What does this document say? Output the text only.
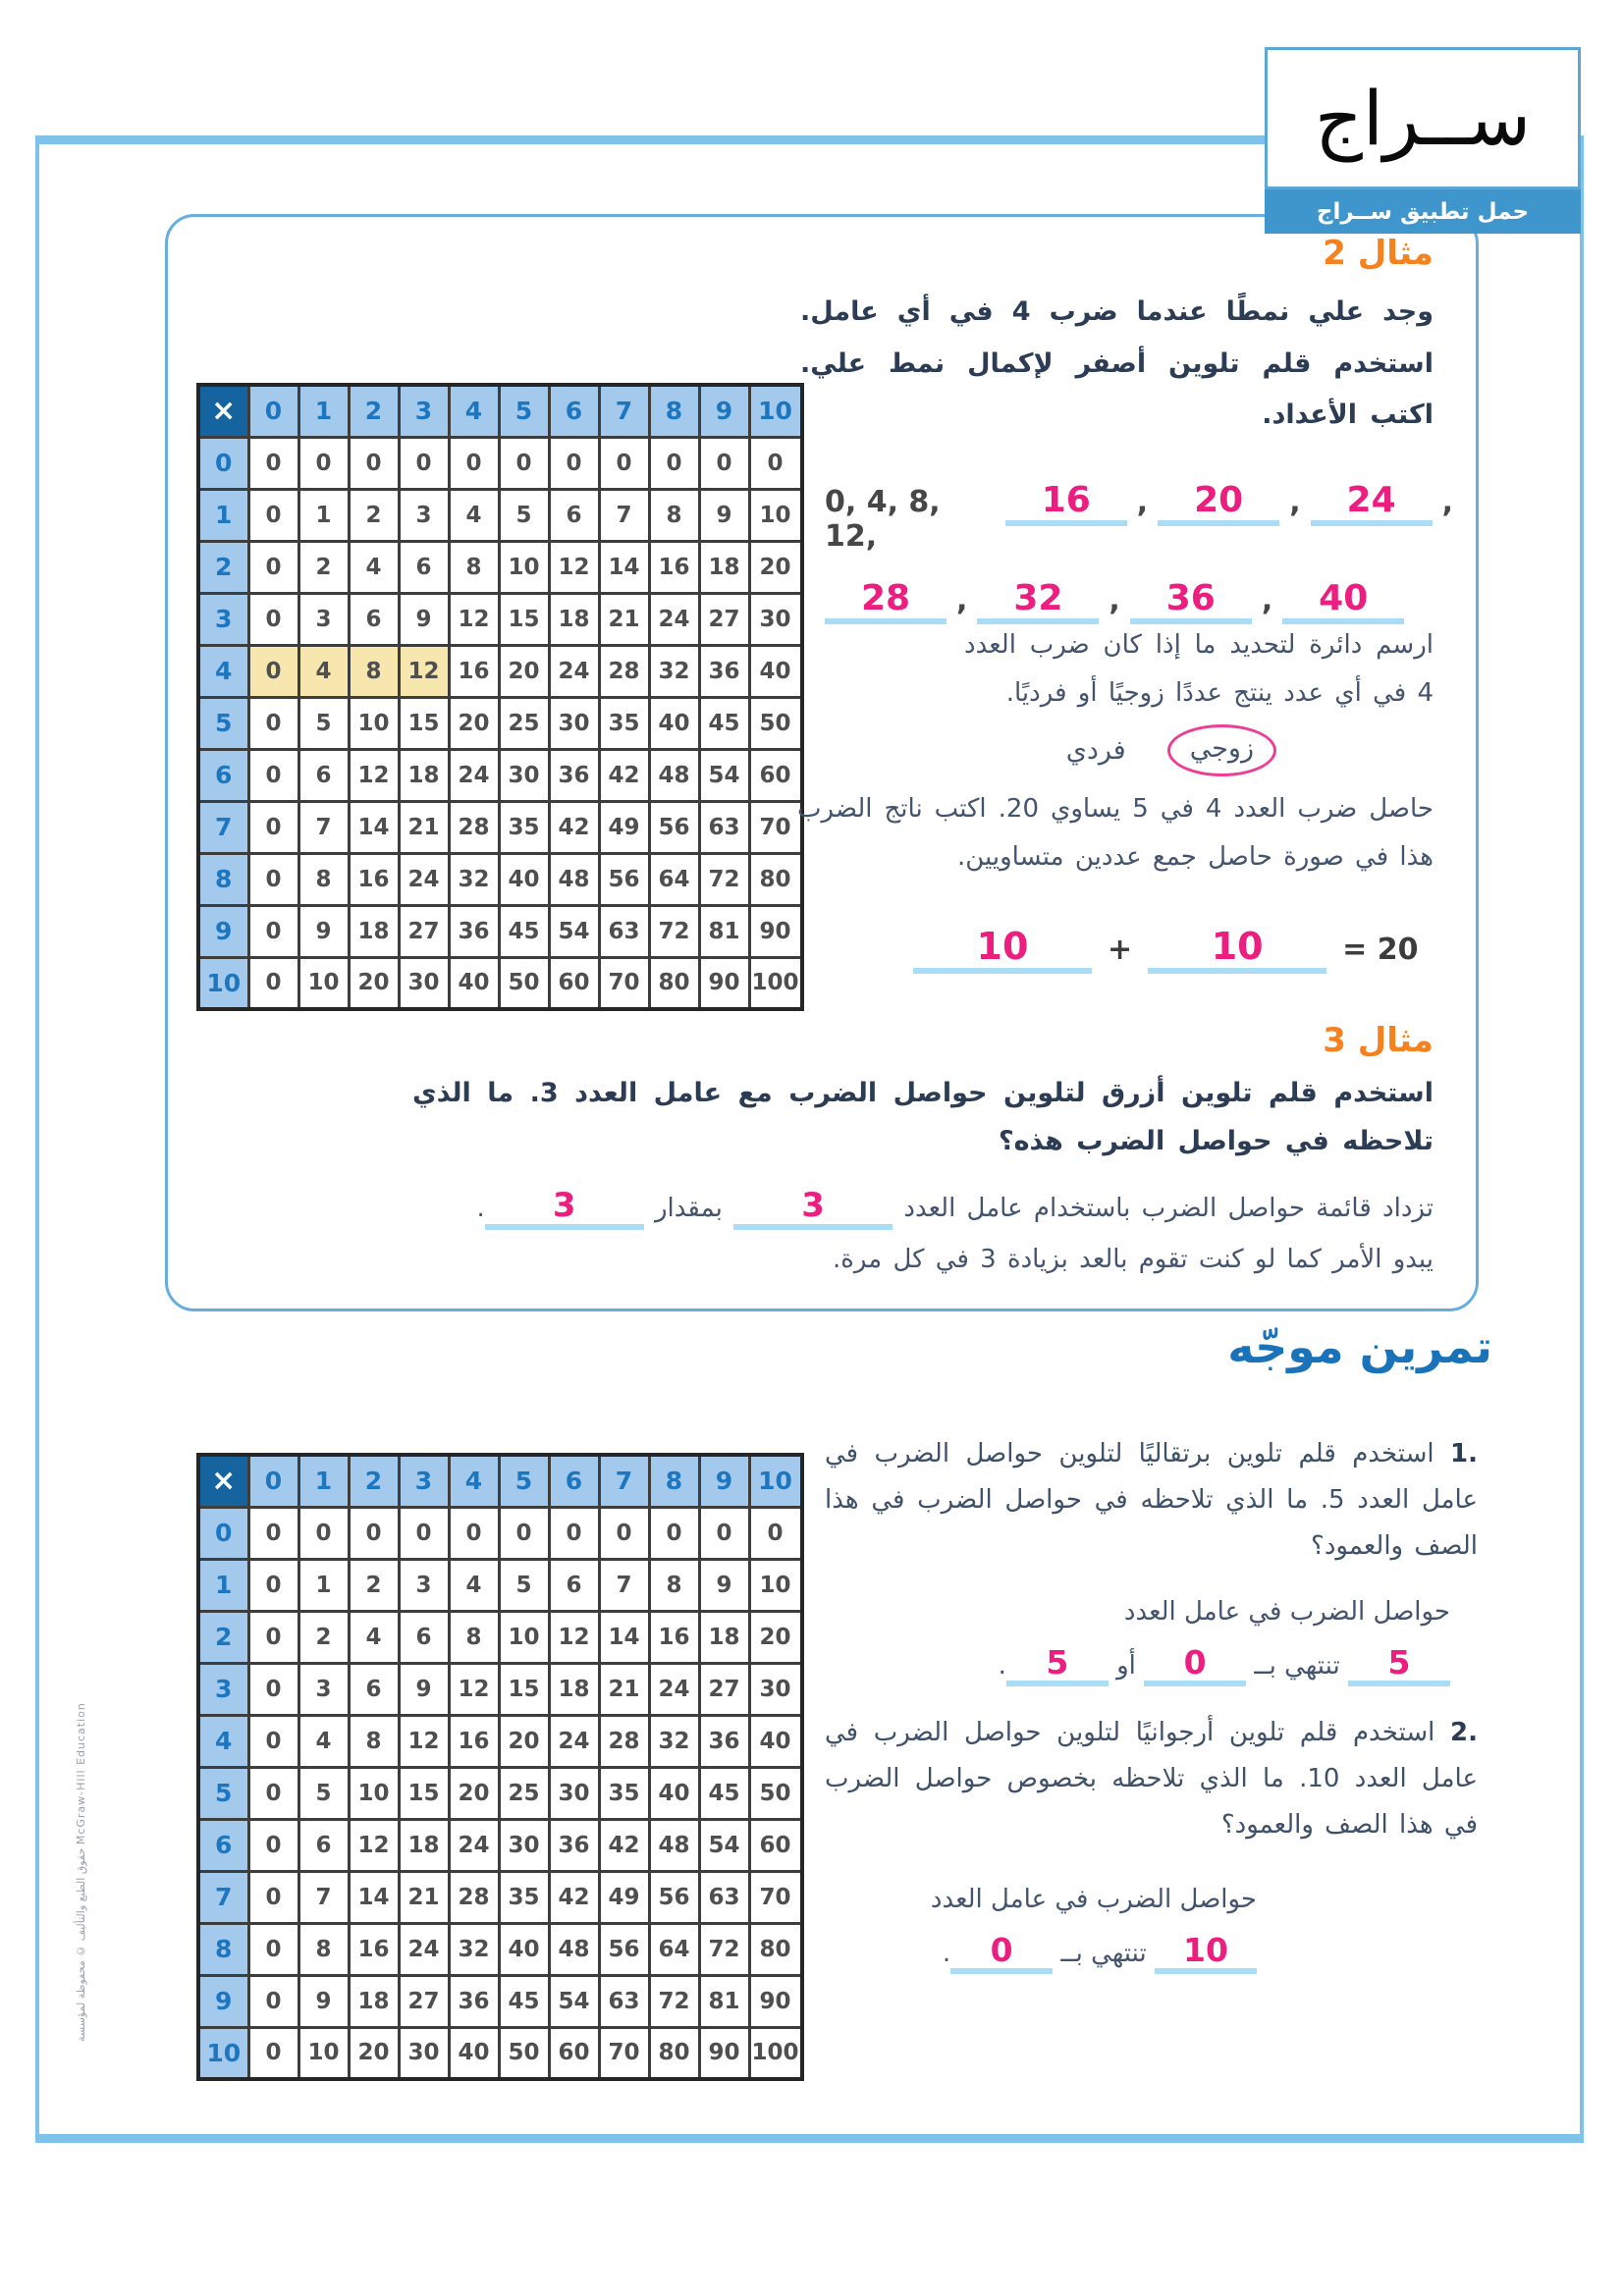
ســراج
حمل تطبيق ســراج
مثال 2
وجد علي نمطًا عندما ضرب 4 في أي عامل. استخدم قلم تلوين أصفر لإكمال نمط علي. اكتب الأعداد.
×	0	1	2	3	4	5	6	7	8	9	10
0	0	0	0	0	0	0	0	0	0	0	0
1	0	1	2	3	4	5	6	7	8	9	10
2	0	2	4	6	8	10	12	14	16	18	20
3	0	3	6	9	12	15	18	21	24	27	30
4	0	4	8	12	16	20	24	28	32	36	40
5	0	5	10	15	20	25	30	35	40	45	50
6	0	6	12	18	24	30	36	42	48	54	60
7	0	7	14	21	28	35	42	49	56	63	70
8	0	8	16	24	32	40	48	56	64	72	80
9	0	9	18	27	36	45	54	63	72	81	90
10	0	10	20	30	40	50	60	70	80	90	100
0, 4, 8, 12,
16	,	20	,	24	,
28	,	32	,	36	,	40
ارسم دائرة لتحديد ما إذا كان ضرب العدد 4 في أي عدد ينتج عددًا زوجيًا أو فرديًا.
زوجي
فردي
حاصل ضرب العدد 4 في 5 يساوي 20. اكتب ناتج الضرب هذا في صورة حاصل جمع عددين متساويين.
10	+	10	= 20
مثال 3
استخدم قلم تلوين أزرق لتلوين حواصل الضرب مع عامل العدد 3. ما الذي تلاحظه في حواصل الضرب هذه؟
تزداد قائمة حواصل الضرب باستخدام عامل العدد 3 بمقدار 3.
يبدو الأمر كما لو كنت تقوم بالعد بزيادة 3 في كل مرة.
تمرين موجّه
×	0	1	2	3	4	5	6	7	8	9	10
0	0	0	0	0	0	0	0	0	0	0	0
1	0	1	2	3	4	5	6	7	8	9	10
2	0	2	4	6	8	10	12	14	16	18	20
3	0	3	6	9	12	15	18	21	24	27	30
4	0	4	8	12	16	20	24	28	32	36	40
5	0	5	10	15	20	25	30	35	40	45	50
6	0	6	12	18	24	30	36	42	48	54	60
7	0	7	14	21	28	35	42	49	56	63	70
8	0	8	16	24	32	40	48	56	64	72	80
9	0	9	18	27	36	45	54	63	72	81	90
10	0	10	20	30	40	50	60	70	80	90	100
1. استخدم قلم تلوين برتقاليًا لتلوين حواصل الضرب في عامل العدد 5. ما الذي تلاحظه في حواصل الضرب في هذا الصف والعمود؟
حواصل الضرب في عامل العدد
5 تنتهي بــ 0 أو 5.
2. استخدم قلم تلوين أرجوانيًا لتلوين حواصل الضرب في عامل العدد 10. ما الذي تلاحظه بخصوص حواصل الضرب في هذا الصف والعمود؟
حواصل الضرب في عامل العدد
10 تنتهي بــ 0.
حقوق الطبع والتأليف © محفوظة لمؤسسة McGraw-Hill Education
